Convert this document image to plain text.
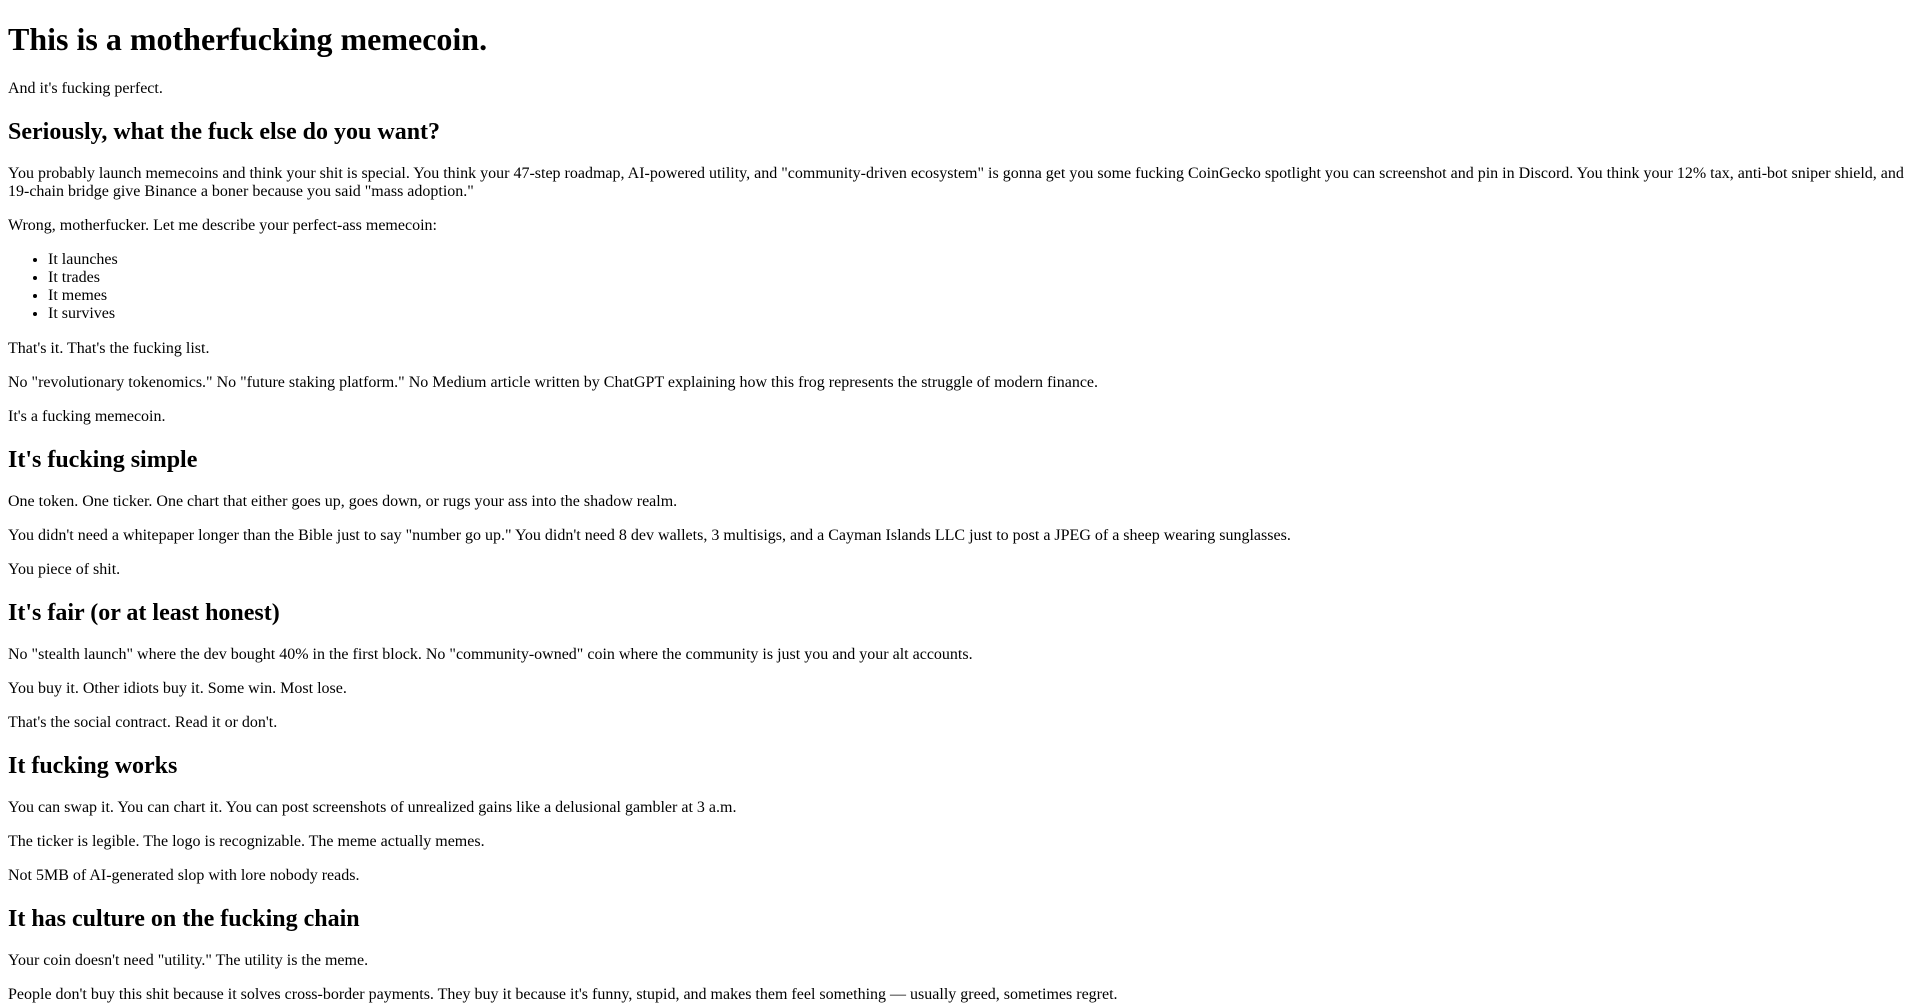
This is a motherfucking memecoin.

And it's fucking perfect.

Seriously, what the fuck else do you want?

You probably launch memecoins and think your shit is special. You think your 47-step roadmap, AI-powered utility, and "community-driven ecosystem" is gonna get you some fucking CoinGecko spotlight you can screenshot and pin in Discord. You think your 12% tax, anti-bot sniper shield, and 19-chain bridge give Binance a boner because you said "mass adoption."

Wrong, motherfucker. Let me describe your perfect-ass memecoin:

• It launches
• It trades
• It memes
• It survives

That's it. That's the fucking list.

No "revolutionary tokenomics." No "future staking platform." No Medium article written by ChatGPT explaining how this frog represents the struggle of modern finance.

It's a fucking memecoin.

It's fucking simple

One token. One ticker. One chart that either goes up, goes down, or rugs your ass into the shadow realm.

You didn't need a whitepaper longer than the Bible just to say "number go up." You didn't need 8 dev wallets, 3 multisigs, and a Cayman Islands LLC just to post a JPEG of a sheep wearing sunglasses.

You piece of shit.

It's fair (or at least honest)

No "stealth launch" where the dev bought 40% in the first block. No "community-owned" coin where the community is just you and your alt accounts.

You buy it. Other idiots buy it. Some win. Most lose.

That's the social contract. Read it or don't.

It fucking works

You can swap it. You can chart it. You can post screenshots of unrealized gains like a delusional gambler at 3 a.m.

The ticker is legible. The logo is recognizable. The meme actually memes.

Not 5MB of AI-generated slop with lore nobody reads.

It has culture on the fucking chain

Your coin doesn't need "utility." The utility is the meme.

People don't buy this shit because it solves cross-border payments. They buy it because it's funny, stupid, and makes them feel something — usually greed, sometimes regret.
